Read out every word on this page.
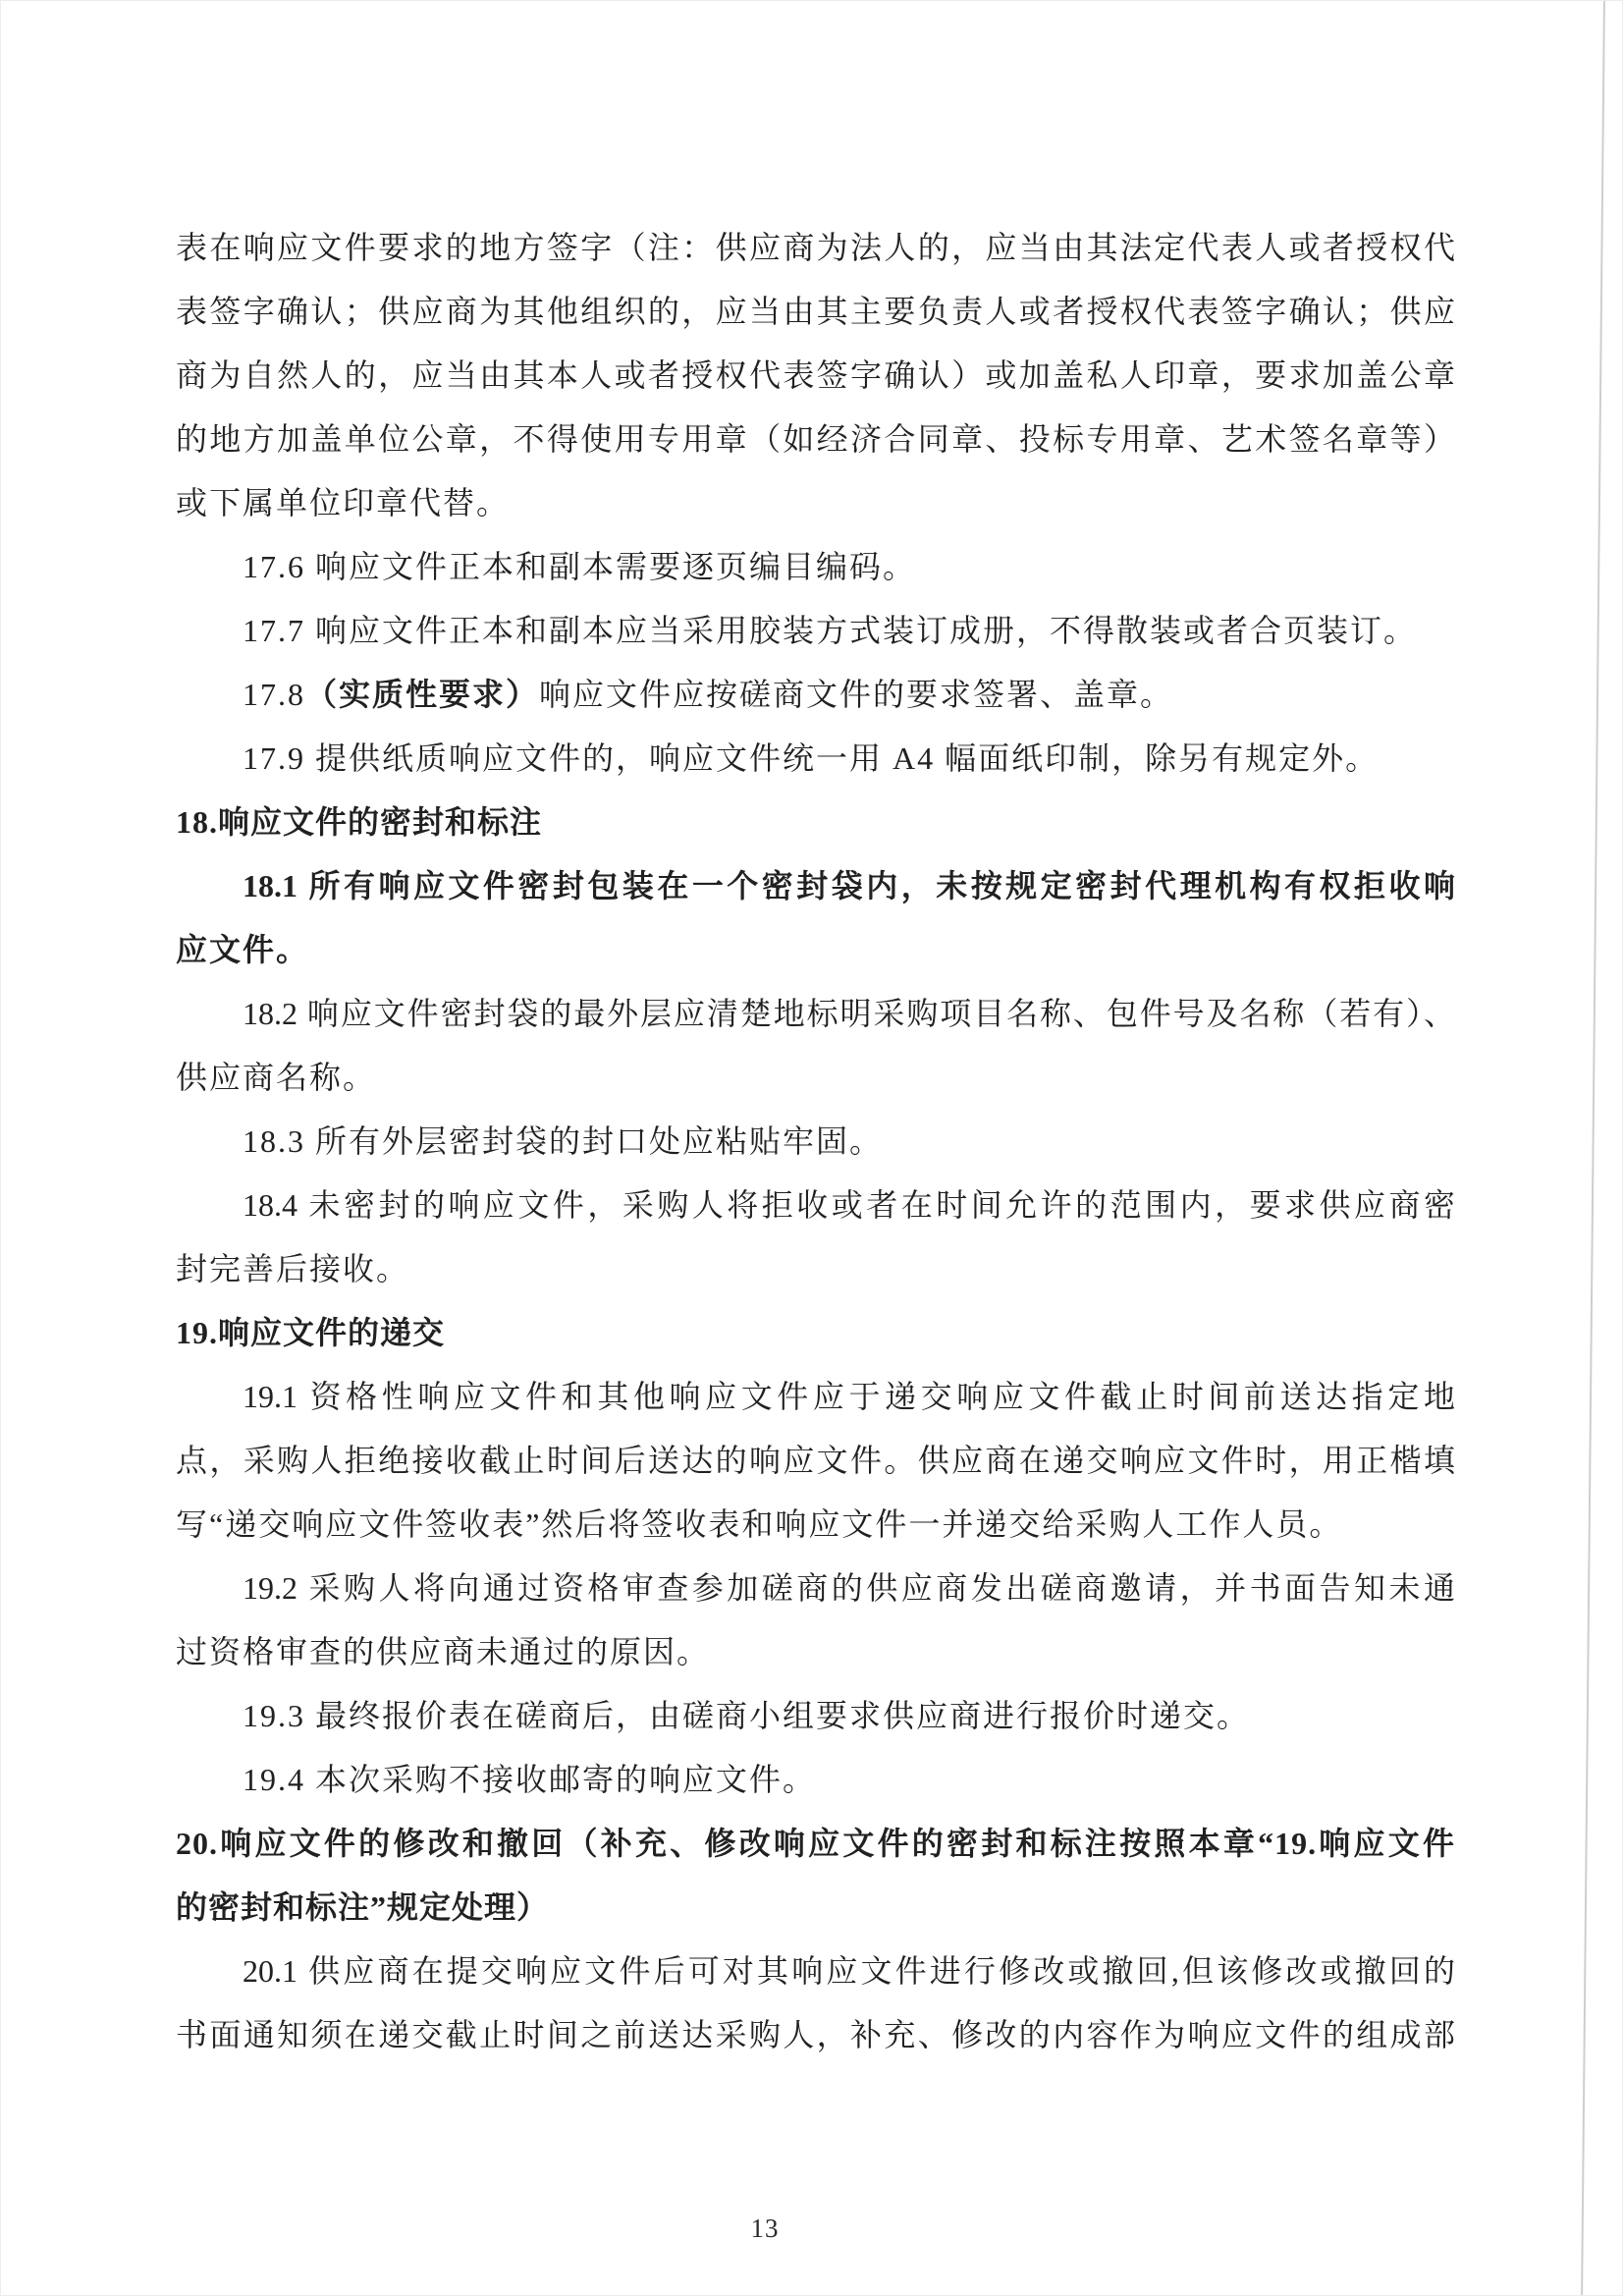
表在响应文件要求的地方签字（注：供应商为法人的，应当由其法定代表人或者授权代
表签字确认；供应商为其他组织的，应当由其主要负责人或者授权代表签字确认；供应
商为自然人的，应当由其本人或者授权代表签字确认）或加盖私人印章，要求加盖公章
的地方加盖单位公章，不得使用专用章（如经济合同章、投标专用章、艺术签名章等）
或下属单位印章代替。
17.6 响应文件正本和副本需要逐页编目编码。
17.7 响应文件正本和副本应当采用胶装方式装订成册，不得散装或者合页装订。
17.8（实质性要求）响应文件应按磋商文件的要求签署、盖章。
17.9 提供纸质响应文件的，响应文件统一用 A4 幅面纸印制，除另有规定外。
18.响应文件的密封和标注
18.1 所有响应文件密封包装在一个密封袋内，未按规定密封代理机构有权拒收响
应文件。
18.2 响应文件密封袋的最外层应清楚地标明采购项目名称、包件号及名称（若有）、
供应商名称。
18.3 所有外层密封袋的封口处应粘贴牢固。
18.4 未密封的响应文件，采购人将拒收或者在时间允许的范围内，要求供应商密
封完善后接收。
19.响应文件的递交
19.1 资格性响应文件和其他响应文件应于递交响应文件截止时间前送达指定地
点，采购人拒绝接收截止时间后送达的响应文件。供应商在递交响应文件时，用正楷填
写“递交响应文件签收表”然后将签收表和响应文件一并递交给采购人工作人员。
19.2 采购人将向通过资格审查参加磋商的供应商发出磋商邀请，并书面告知未通
过资格审查的供应商未通过的原因。
19.3 最终报价表在磋商后，由磋商小组要求供应商进行报价时递交。
19.4 本次采购不接收邮寄的响应文件。
20.响应文件的修改和撤回（补充、修改响应文件的密封和标注按照本章“19.响应文件
的密封和标注”规定处理）
20.1 供应商在提交响应文件后可对其响应文件进行修改或撤回,但该修改或撤回的
书面通知须在递交截止时间之前送达采购人，补充、修改的内容作为响应文件的组成部
13
